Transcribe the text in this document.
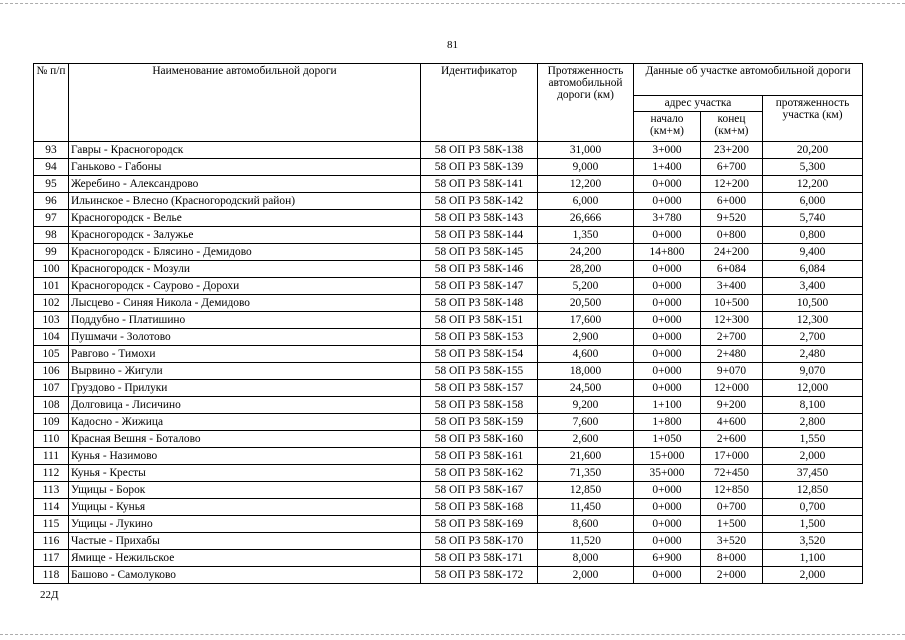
81
№ п/п	Наименование автомобильной дороги	Идентификатор	Протяженность автомобильной дороги (км)	Данные об участке автомобильной дороги		
				адрес участка		протяженность участка (км)
				начало (км+м)	конец (км+м)	
93	Гавры - Красногородск	58 ОП РЗ 58К-138	31,000	3+000	23+200	20,200
94	Ганьково - Габоны	58 ОП РЗ 58К-139	9,000	1+400	6+700	5,300
95	Жеребино - Александрово	58 ОП РЗ 58К-141	12,200	0+000	12+200	12,200
96	Ильинское - Влесно (Красногородский район)	58 ОП РЗ 58К-142	6,000	0+000	6+000	6,000
97	Красногородск - Велье	58 ОП РЗ 58К-143	26,666	3+780	9+520	5,740
98	Красногородск - Залужье	58 ОП РЗ 58К-144	1,350	0+000	0+800	0,800
99	Красногородск - Блясино - Демидово	58 ОП РЗ 58К-145	24,200	14+800	24+200	9,400
100	Красногородск - Мозули	58 ОП РЗ 58К-146	28,200	0+000	6+084	6,084
101	Красногородск - Саурово - Дорохи	58 ОП РЗ 58К-147	5,200	0+000	3+400	3,400
102	Лысцево - Синяя Никола - Демидово	58 ОП РЗ 58К-148	20,500	0+000	10+500	10,500
103	Поддубно - Платишино	58 ОП РЗ 58К-151	17,600	0+000	12+300	12,300
104	Пушмачи - Золотово	58 ОП РЗ 58К-153	2,900	0+000	2+700	2,700
105	Равгово - Тимохи	58 ОП РЗ 58К-154	4,600	0+000	2+480	2,480
106	Вырвино - Жигули	58 ОП РЗ 58К-155	18,000	0+000	9+070	9,070
107	Груздово - Прилуки	58 ОП РЗ 58К-157	24,500	0+000	12+000	12,000
108	Долговица - Лисичино	58 ОП РЗ 58К-158	9,200	1+100	9+200	8,100
109	Кадосно - Жижица	58 ОП РЗ 58К-159	7,600	1+800	4+600	2,800
110	Красная Вешня - Боталово	58 ОП РЗ 58К-160	2,600	1+050	2+600	1,550
111	Кунья - Назимово	58 ОП РЗ 58К-161	21,600	15+000	17+000	2,000
112	Кунья - Кресты	58 ОП РЗ 58К-162	71,350	35+000	72+450	37,450
113	Ущицы - Борок	58 ОП РЗ 58К-167	12,850	0+000	12+850	12,850
114	Ущицы - Кунья	58 ОП РЗ 58К-168	11,450	0+000	0+700	0,700
115	Ущицы - Лукино	58 ОП РЗ 58К-169	8,600	0+000	1+500	1,500
116	Частые - Прихабы	58 ОП РЗ 58К-170	11,520	0+000	3+520	3,520
117	Ямище - Нежильское	58 ОП РЗ 58К-171	8,000	6+900	8+000	1,100
118	Башово - Самолуково	58 ОП РЗ 58К-172	2,000	0+000	2+000	2,000
22Д
